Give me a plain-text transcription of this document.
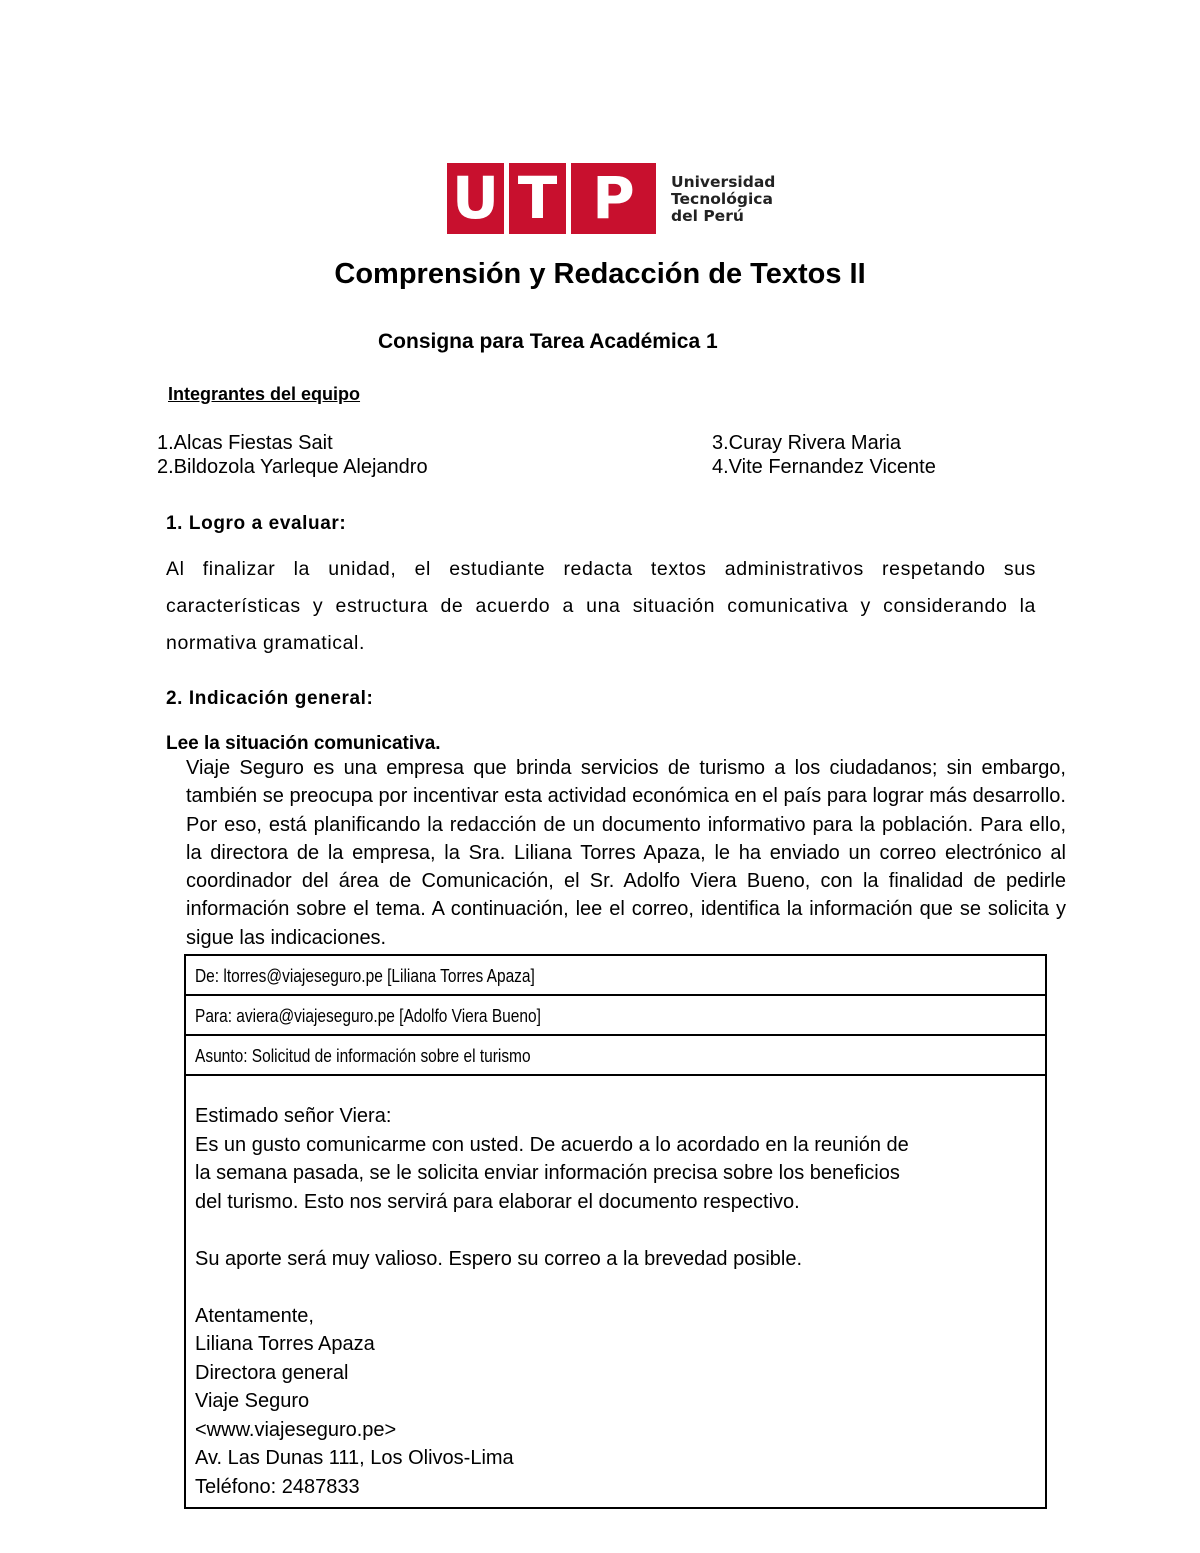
U T P	Universidad
Tecnológica
del Perú
Comprensión y Redacción de Textos II
Consigna para Tarea Académica 1
Integrantes del equipo
1.Alcas Fiestas Sait
2.Bildozola Yarleque Alejandro
3.Curay Rivera Maria
4.Vite Fernandez Vicente
1. Logro a evaluar:
Al finalizar la unidad, el estudiante redacta textos administrativos respetando sus características y estructura de acuerdo a una situación comunicativa y considerando la normativa gramatical.
2. Indicación general:
Lee la situación comunicativa.
Viaje Seguro es una empresa que brinda servicios de turismo a los ciudadanos; sin embargo, también se preocupa por incentivar esta actividad económica en el país para lograr más desarrollo. Por eso, está planificando la redacción de un documento informativo para la población. Para ello, la directora de la empresa, la Sra. Liliana Torres Apaza, le ha enviado un correo electrónico al coordinador del área de Comunicación, el Sr. Adolfo Viera Bueno, con la finalidad de pedirle información sobre el tema. A continuación, lee el correo, identifica la información que se solicita y sigue las indicaciones.
De: ltorres@viajeseguro.pe [Liliana Torres Apaza]
Para: aviera@viajeseguro.pe [Adolfo Viera Bueno]
Asunto: Solicitud de información sobre el turismo
Estimado señor Viera:
Es un gusto comunicarme con usted. De acuerdo a lo acordado en la reunión de
la semana pasada, se le solicita enviar información precisa sobre los beneficios
del turismo. Esto nos servirá para elaborar el documento respectivo.
Su aporte será muy valioso. Espero su correo a la brevedad posible.
Atentamente,
Liliana Torres Apaza
Directora general
Viaje Seguro
<www.viajeseguro.pe>
Av. Las Dunas 111, Los Olivos-Lima
Teléfono: 2487833
